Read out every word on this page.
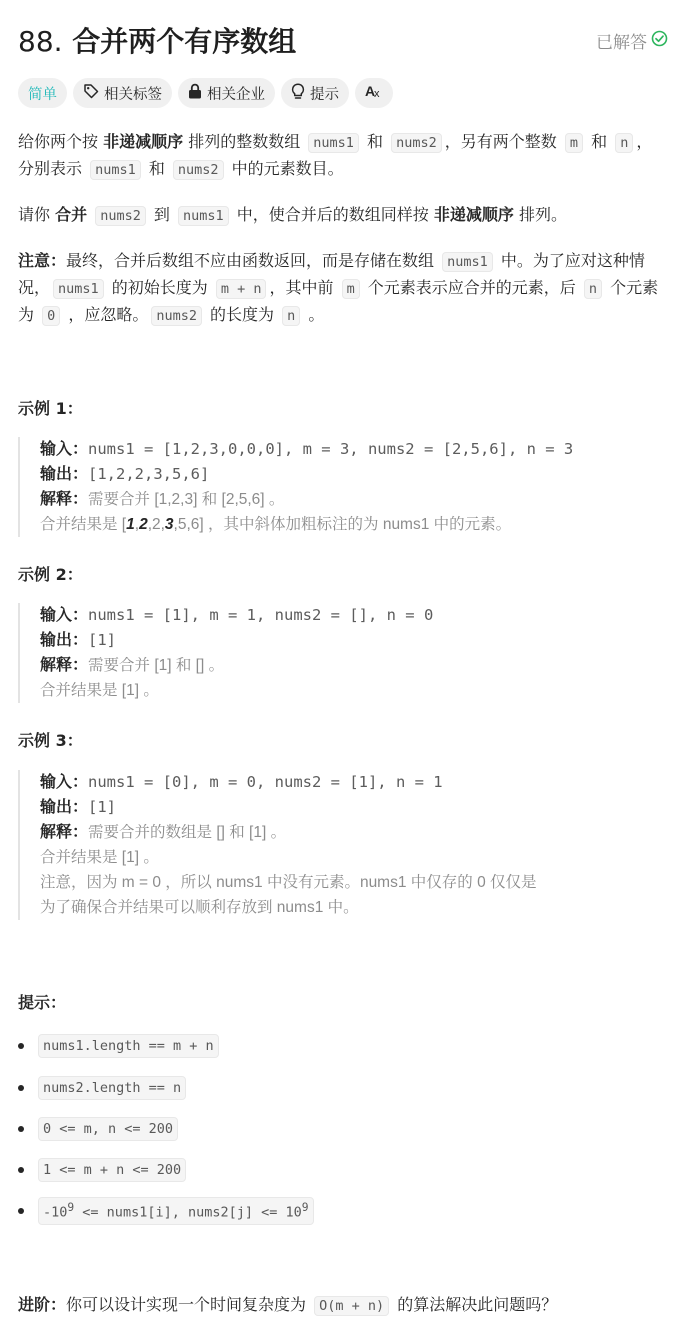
88. 合并两个有序数组	已解答
简单	相关标签	相关企业	提示 A
x
给你两个按 非递减顺序 排列的整数数组 nums1 和 nums2 ，另有两个整数 m 和 n ，分别表示 nums1 和 nums2 中的元素数目。
请你 合并 nums2 到 nums1 中，使合并后的数组同样按 非递减顺序 排列。
注意：最终，合并后数组不应由函数返回，而是存储在数组 nums1 中。为了应对这种情况， nums1 的初始长度为 m + n ，其中前 m 个元素表示应合并的元素，后 n 个元素为 0 ，应忽略。 nums2 的长度为 n 。
示例 1：
输入：nums1 = [1,2,3,0,0,0], m = 3, nums2 = [2,5,6], n = 3
输出：[1,2,2,3,5,6]
解释：需要合并 [1,2,3] 和 [2,5,6] 。
合并结果是 [1,2,2,3,5,6] ，其中斜体加粗标注的为 nums1 中的元素。
示例 2：
输入：nums1 = [1], m = 1, nums2 = [], n = 0
输出：[1]
解释：需要合并 [1] 和 [] 。
合并结果是 [1] 。
示例 3：
输入：nums1 = [0], m = 0, nums2 = [1], n = 1
输出：[1]
解释：需要合并的数组是 [] 和 [1] 。
合并结果是 [1] 。
注意，因为 m = 0 ，所以 nums1 中没有元素。nums1 中仅存的 0 仅仅是
为了确保合并结果可以顺利存放到 nums1 中。
提示：
nums1.length == m + n
nums2.length == n
0 <= m, n <= 200
1 <= m + n <= 200
$-10^9$ <= nums1[i], nums2[j] <= $10^9$
进阶：你可以设计实现一个时间复杂度为 O(m + n) 的算法解决此问题吗？
